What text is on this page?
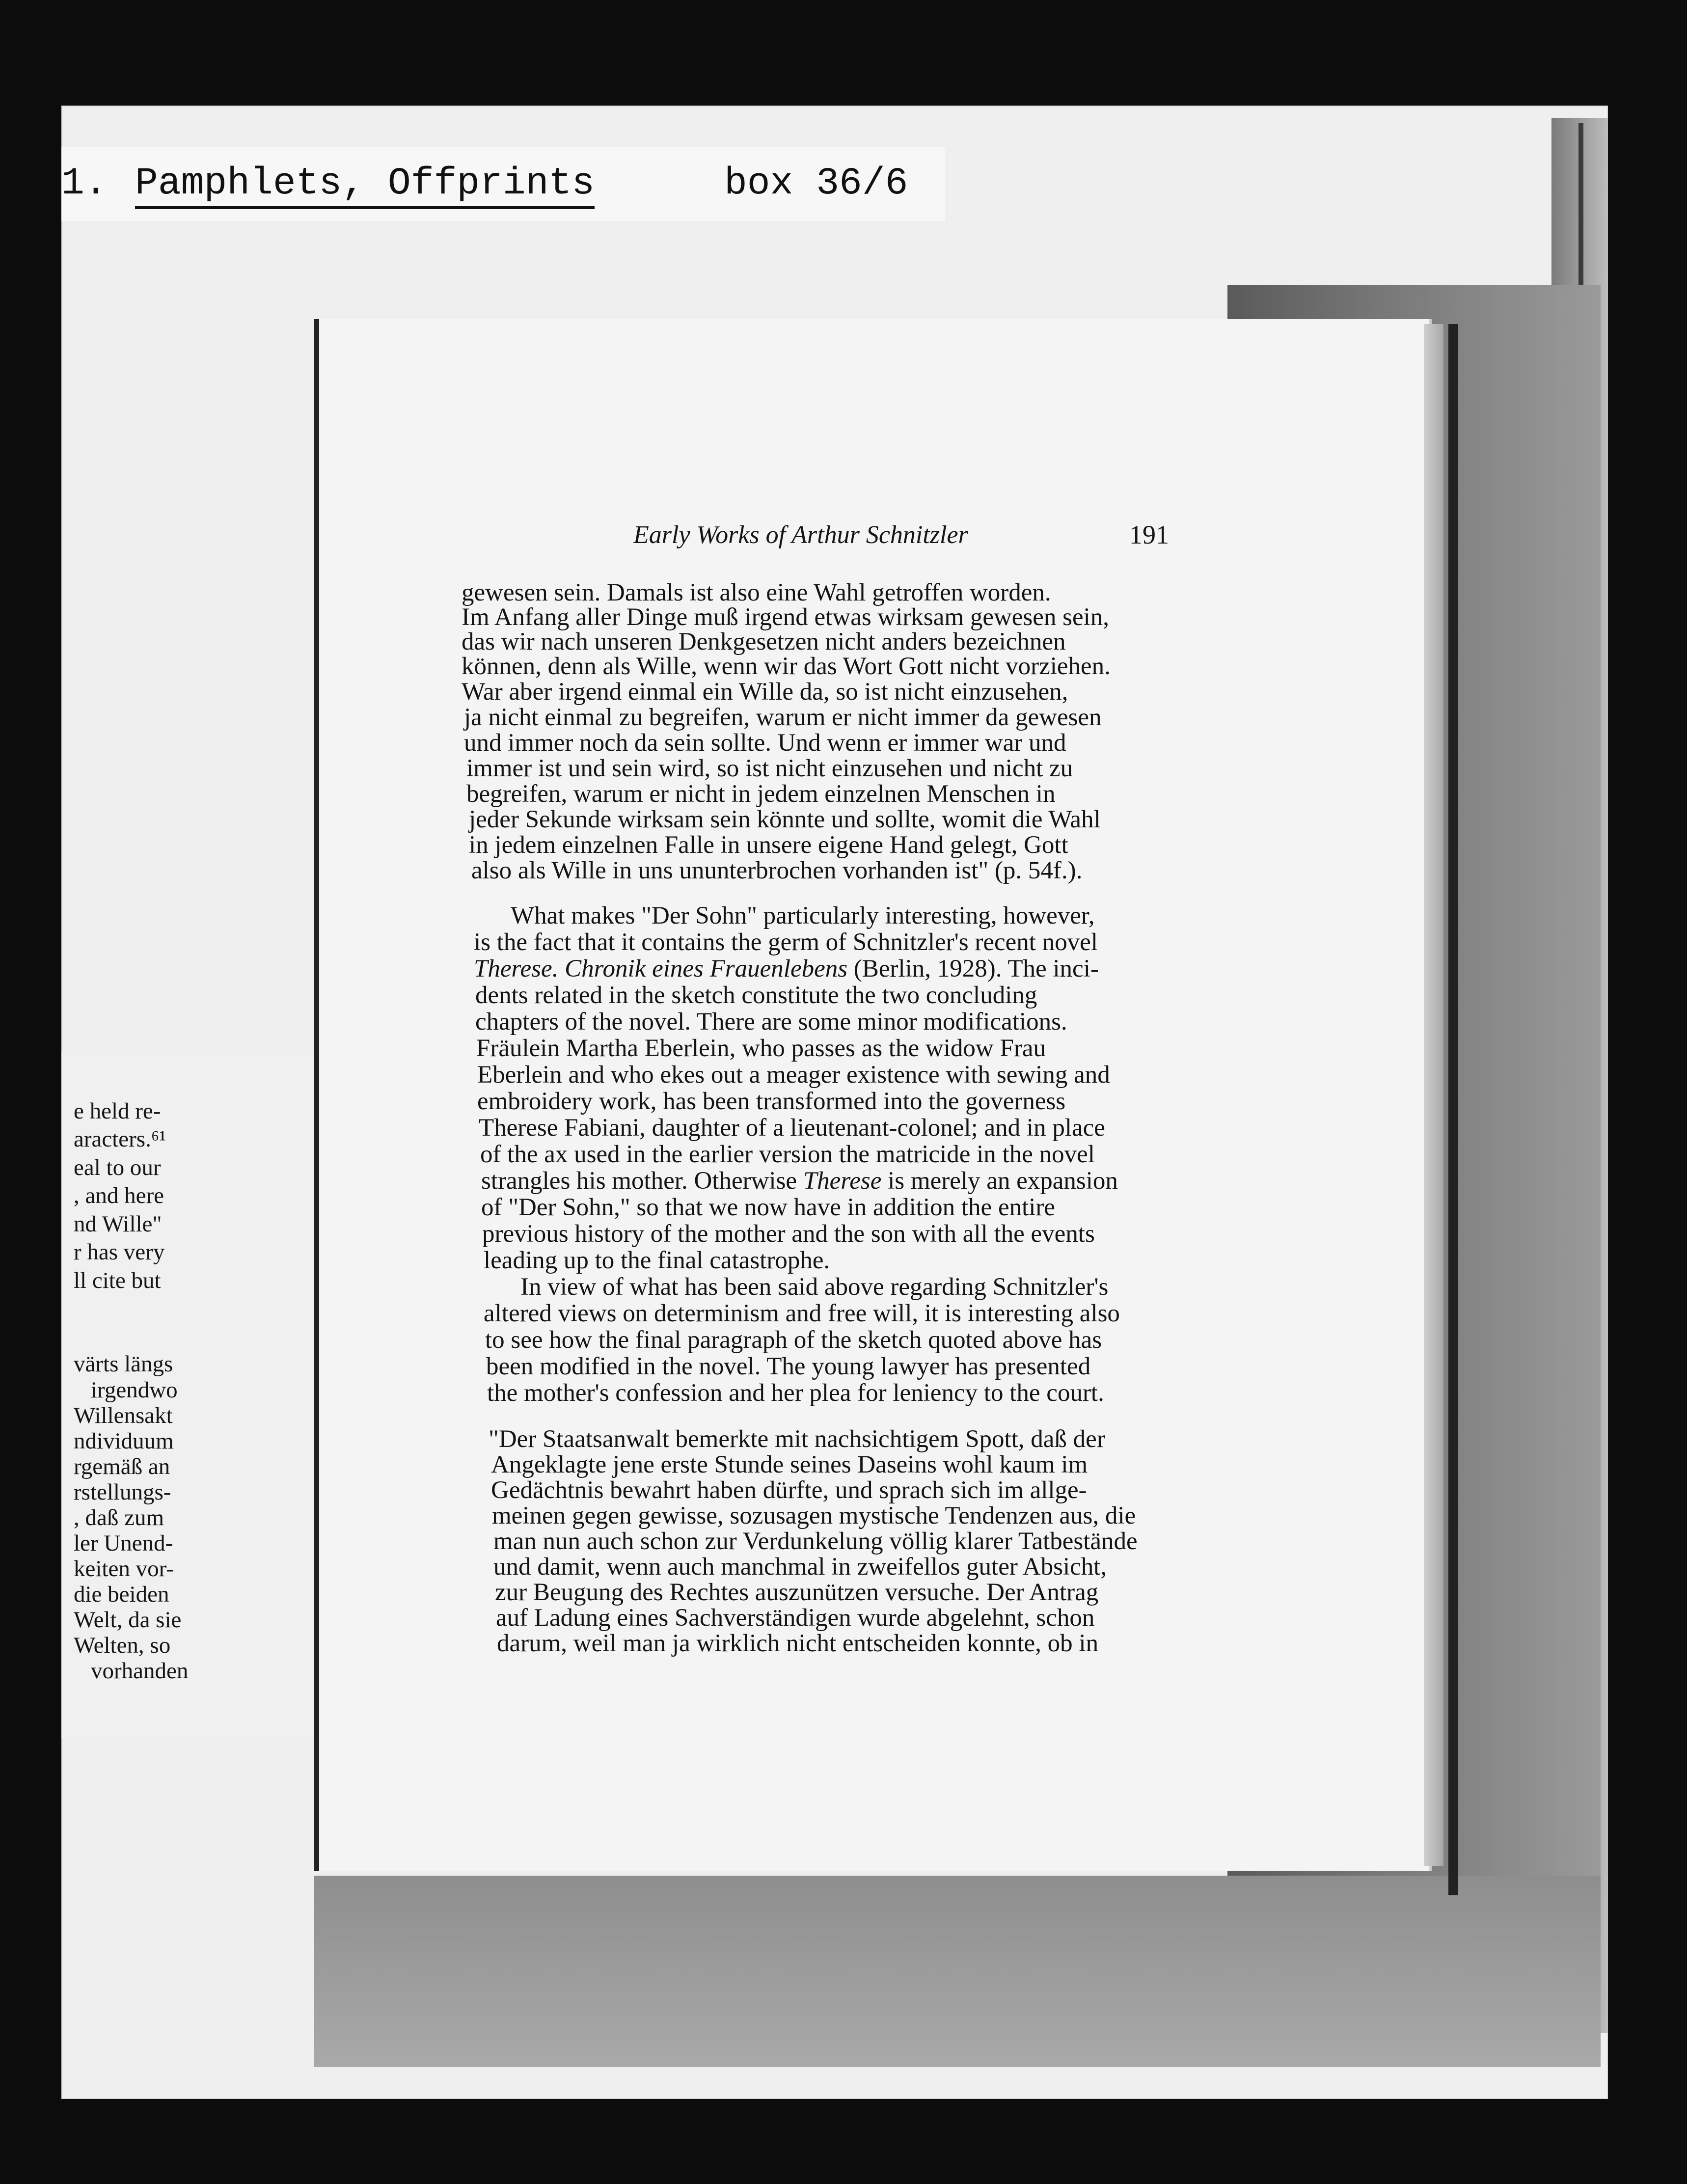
1. Pamphlets, Offprints	box 36/6
e held re-
aracters.⁶¹
eal to our
, and here
nd Wille"
r has very
ll cite but
värts längs
irgendwo
Willensakt
ndividuum
rgemäß an
rstellungs-
, daß zum
ler Unend-
keiten vor-
die beiden
Welt, da sie
Welten, so
vorhanden
Early Works of Arthur Schnitzler	191
gewesen sein. Damals ist also eine Wahl getroffen worden.
Im Anfang aller Dinge muß irgend etwas wirksam gewesen sein,
das wir nach unseren Denkgesetzen nicht anders bezeichnen
können, denn als Wille, wenn wir das Wort Gott nicht vorziehen.
War aber irgend einmal ein Wille da, so ist nicht einzusehen,
ja nicht einmal zu begreifen, warum er nicht immer da gewesen
und immer noch da sein sollte. Und wenn er immer war und
immer ist und sein wird, so ist nicht einzusehen und nicht zu
begreifen, warum er nicht in jedem einzelnen Menschen in
jeder Sekunde wirksam sein könnte und sollte, womit die Wahl
in jedem einzelnen Falle in unsere eigene Hand gelegt, Gott
also als Wille in uns ununterbrochen vorhanden ist" (p. 54f.).
What makes "Der Sohn" particularly interesting, however,
is the fact that it contains the germ of Schnitzler's recent novel
Therese. Chronik eines Frauenlebens (Berlin, 1928). The inci-
dents related in the sketch constitute the two concluding
chapters of the novel. There are some minor modifications.
Fräulein Martha Eberlein, who passes as the widow Frau
Eberlein and who ekes out a meager existence with sewing and
embroidery work, has been transformed into the governess
Therese Fabiani, daughter of a lieutenant-colonel; and in place
of the ax used in the earlier version the matricide in the novel
strangles his mother. Otherwise Therese is merely an expansion
of "Der Sohn," so that we now have in addition the entire
previous history of the mother and the son with all the events
leading up to the final catastrophe.
In view of what has been said above regarding Schnitzler's
altered views on determinism and free will, it is interesting also
to see how the final paragraph of the sketch quoted above has
been modified in the novel. The young lawyer has presented
the mother's confession and her plea for leniency to the court.
"Der Staatsanwalt bemerkte mit nachsichtigem Spott, daß der
Angeklagte jene erste Stunde seines Daseins wohl kaum im
Gedächtnis bewahrt haben dürfte, und sprach sich im allge-
meinen gegen gewisse, sozusagen mystische Tendenzen aus, die
man nun auch schon zur Verdunkelung völlig klarer Tatbestände
und damit, wenn auch manchmal in zweifellos guter Absicht,
zur Beugung des Rechtes auszunützen versuche. Der Antrag
auf Ladung eines Sachverständigen wurde abgelehnt, schon
darum, weil man ja wirklich nicht entscheiden konnte, ob in
